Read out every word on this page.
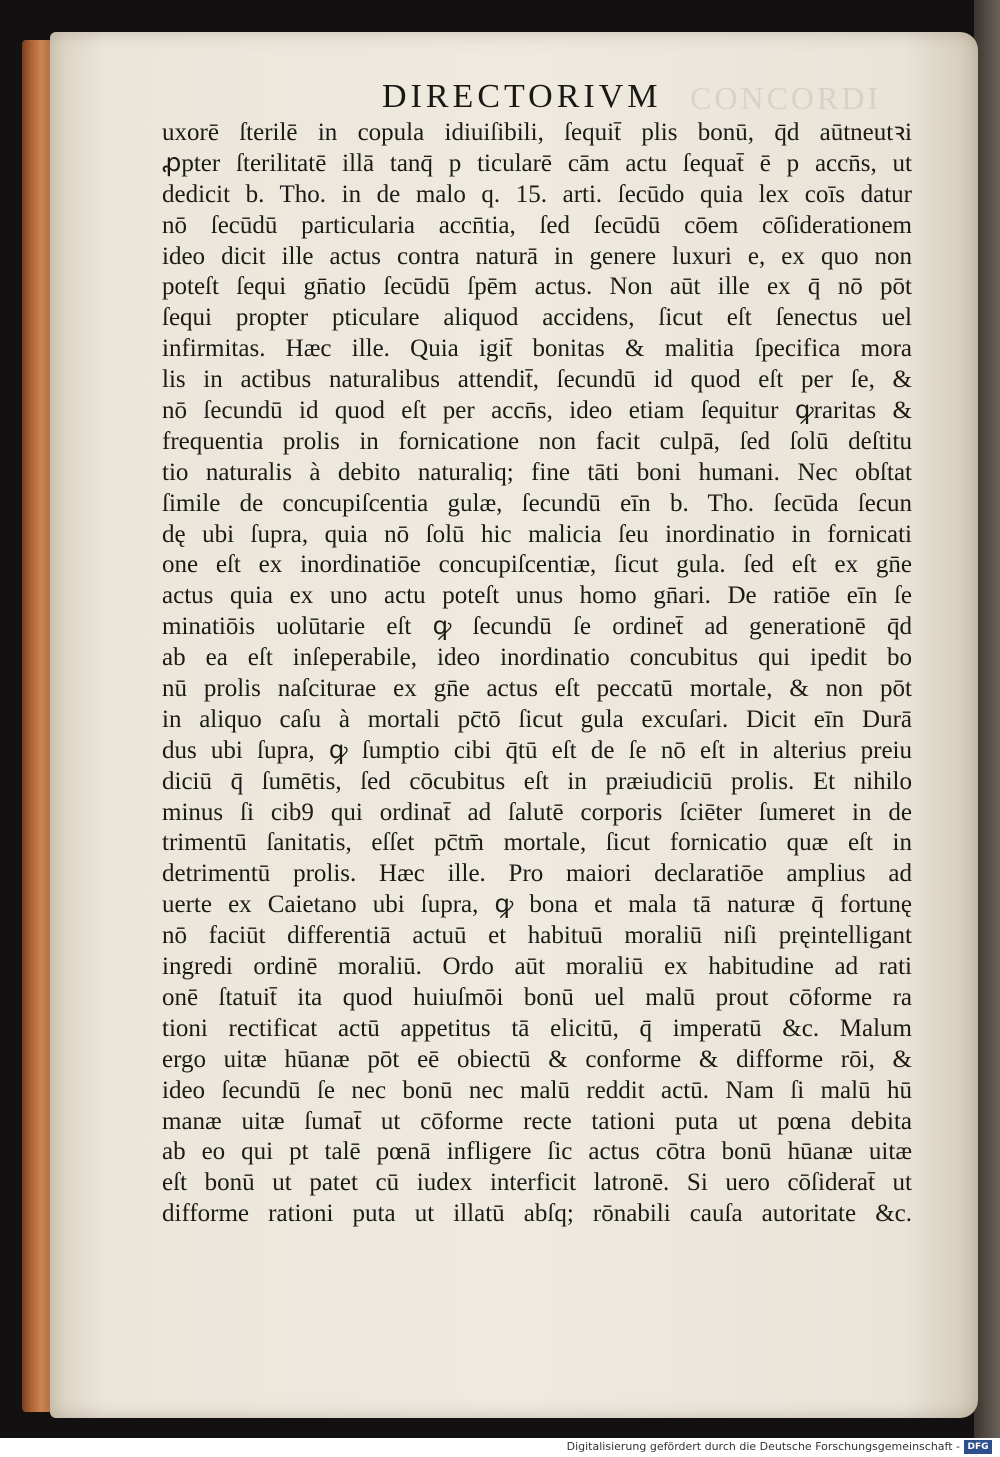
CONCORDI
DIRECTORIVM
uxorē ſterilē in copula idiuiſibili, ſequit̄ plis bonū, q̄d aūtneutꝛi
ꝓpter ſterilitatē illā tanq̄ p ticularē cām actu ſequat̄ ē p accn̄s, ut
dedicit b. Tho. in de malo q. 15. arti. ſecūdo quia lex coīs datur
nō ſecūdū particularia accn̄tia, ſed ſecūdū cōem cōſiderationem
ideo dicit ille actus contra naturā in genere luxuri e, ex quo non
poteſt ſequi gn̄atio ſecūdū ſpēm actus. Non aūt ille ex q̄ nō pōt
ſequi propter pticulare aliquod accidens, ſicut eſt ſenectus uel
infirmitas. Hæc ille. Quia igit̄ bonitas & malitia ſpecifica mora
lis in actibus naturalibus attendit̄, ſecundū id quod eſt per ſe, &
nō ſecundū id quod eſt per accn̄s, ideo etiam ſequitur ꝙraritas &
frequentia prolis in fornicatione non facit culpā, ſed ſolū deſtitu
tio naturalis à debito naturaliq; fine tāti boni humani. Nec obſtat
ſimile de concupiſcentia gulæ, ſecundū eīn b. Tho. ſecūda ſecun
dę ubi ſupra, quia nō ſolū hic malicia ſeu inordinatio in fornicati
one eſt ex inordinatiōe concupiſcentiæ, ſicut gula. ſed eſt ex gn̄e
actus quia ex uno actu poteſt unus homo gn̄ari. De ratiōe eīn ſe
minatiōis uolūtarie eſt ꝙ ſecundū ſe ordinet̄ ad generationē q̄d
ab ea eſt inſeperabile, ideo inordinatio concubitus qui ipedit bo
nū prolis naſciturae ex gn̄e actus eſt peccatū mortale, & non pōt
in aliquo caſu à mortali pc̄tō ſicut gula excuſari. Dicit eīn Durā
dus ubi ſupra, ꝙ ſumptio cibi q̄tū eſt de ſe nō eſt in alterius preiu
diciū q̄ ſumētis, ſed cōcubitus eſt in præiudiciū prolis. Et nihilo
minus ſi cib9 qui ordinat̄ ad ſalutē corporis ſciēter ſumeret in de
trimentū ſanitatis, eſſet pc̄tm̄ mortale, ſicut fornicatio quæ eſt in
detrimentū prolis. Hæc ille. Pro maiori declaratiōe amplius ad
uerte ex Caietano ubi ſupra, ꝙ bona et mala tā naturæ q̄ fortunę
nō faciūt differentiā actuū et habituū moraliū niſi pręintelligant
ingredi ordinē moraliū. Ordo aūt moraliū ex habitudine ad rati
onē ſtatuit̄ ita quod huiuſmōi bonū uel malū prout cōforme ra
tioni rectificat actū appetitus tā elicitū, q̄ imperatū &c. Malum
ergo uitæ hūanæ pōt eē obiectū & conforme & difforme rōi, &
ideo ſecundū ſe nec bonū nec malū reddit actū. Nam ſi malū hū
manæ uitæ ſumat̄ ut cōforme recte tationi puta ut pœna debita
ab eo qui pt talē pœnā infligere ſic actus cōtra bonū hūanæ uitæ
eſt bonū ut patet cū iudex interficit latronē. Si uero cōſiderat̄ ut
difforme rationi puta ut illatū abſq; rōnabili cauſa autoritate &c.
Digitalisierung gefördert durch die Deutsche Forschungsgemeinschaft - DFG
